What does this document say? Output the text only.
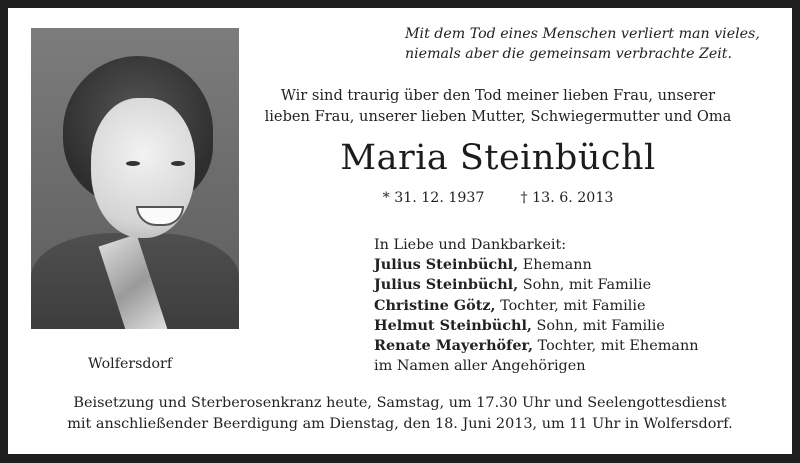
Mit dem Tod eines Menschen verliert man vieles,
niemals aber die gemeinsam verbrachte Zeit.
Wir sind traurig über den Tod meiner lieben Frau, unserer
lieben Frau, unserer lieben Mutter, Schwiegermutter und Oma
Maria Steinbüchl
* 31. 12. 1937	† 13. 6. 2013
In Liebe und Dankbarkeit:
Julius Steinbüchl, Ehemann
Julius Steinbüchl, Sohn, mit Familie
Christine Götz, Tochter, mit Familie
Helmut Steinbüchl, Sohn, mit Familie
Renate Mayerhöfer, Tochter, mit Ehemann
im Namen aller Angehörigen
Wolfersdorf
Beisetzung und Sterberosenkranz heute, Samstag, um 17.30 Uhr und Seelengottesdienst
mit anschließender Beerdigung am Dienstag, den 18. Juni 2013, um 11 Uhr in Wolfersdorf.
